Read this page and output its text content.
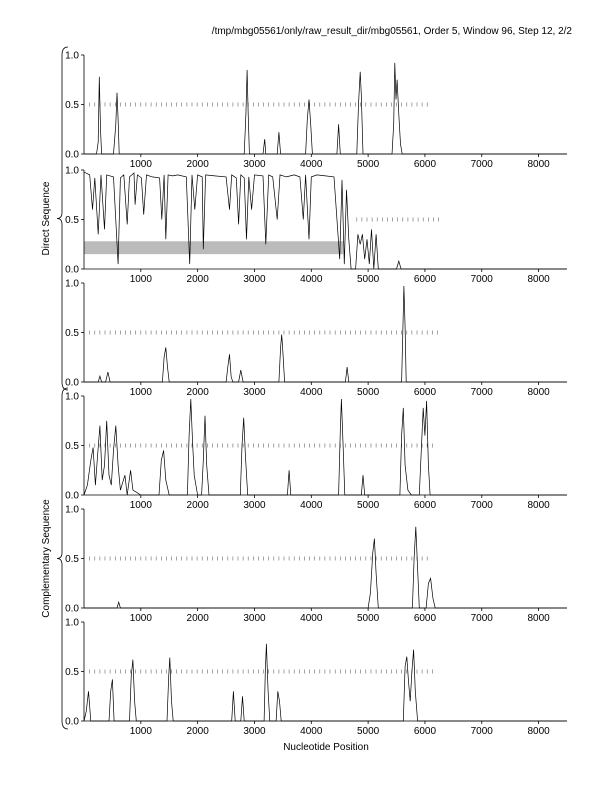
/tmp/mbg05561/only/raw_result_dir/mbg05561, Order 5, Window 96, Step 12, 2/2
0.0
0.5
1.0
1000	2000	3000	4000	5000	6000	7000	8000
0.0
0.5
1.0
1000	2000	3000	4000	5000	6000	7000	8000
0.0
0.5
1.0
1000	2000	3000	4000	5000	6000	7000	8000
0.0
0.5
1.0
1000	2000	3000	4000	5000	6000	7000	8000
0.0
0.5
1.0
1000	2000	3000	4000	5000	6000	7000	8000
0.0
0.5
1.0
1000	2000	3000	4000	5000	6000	7000	8000
Direct Sequence
Complementary Sequence
Nucleotide Position
